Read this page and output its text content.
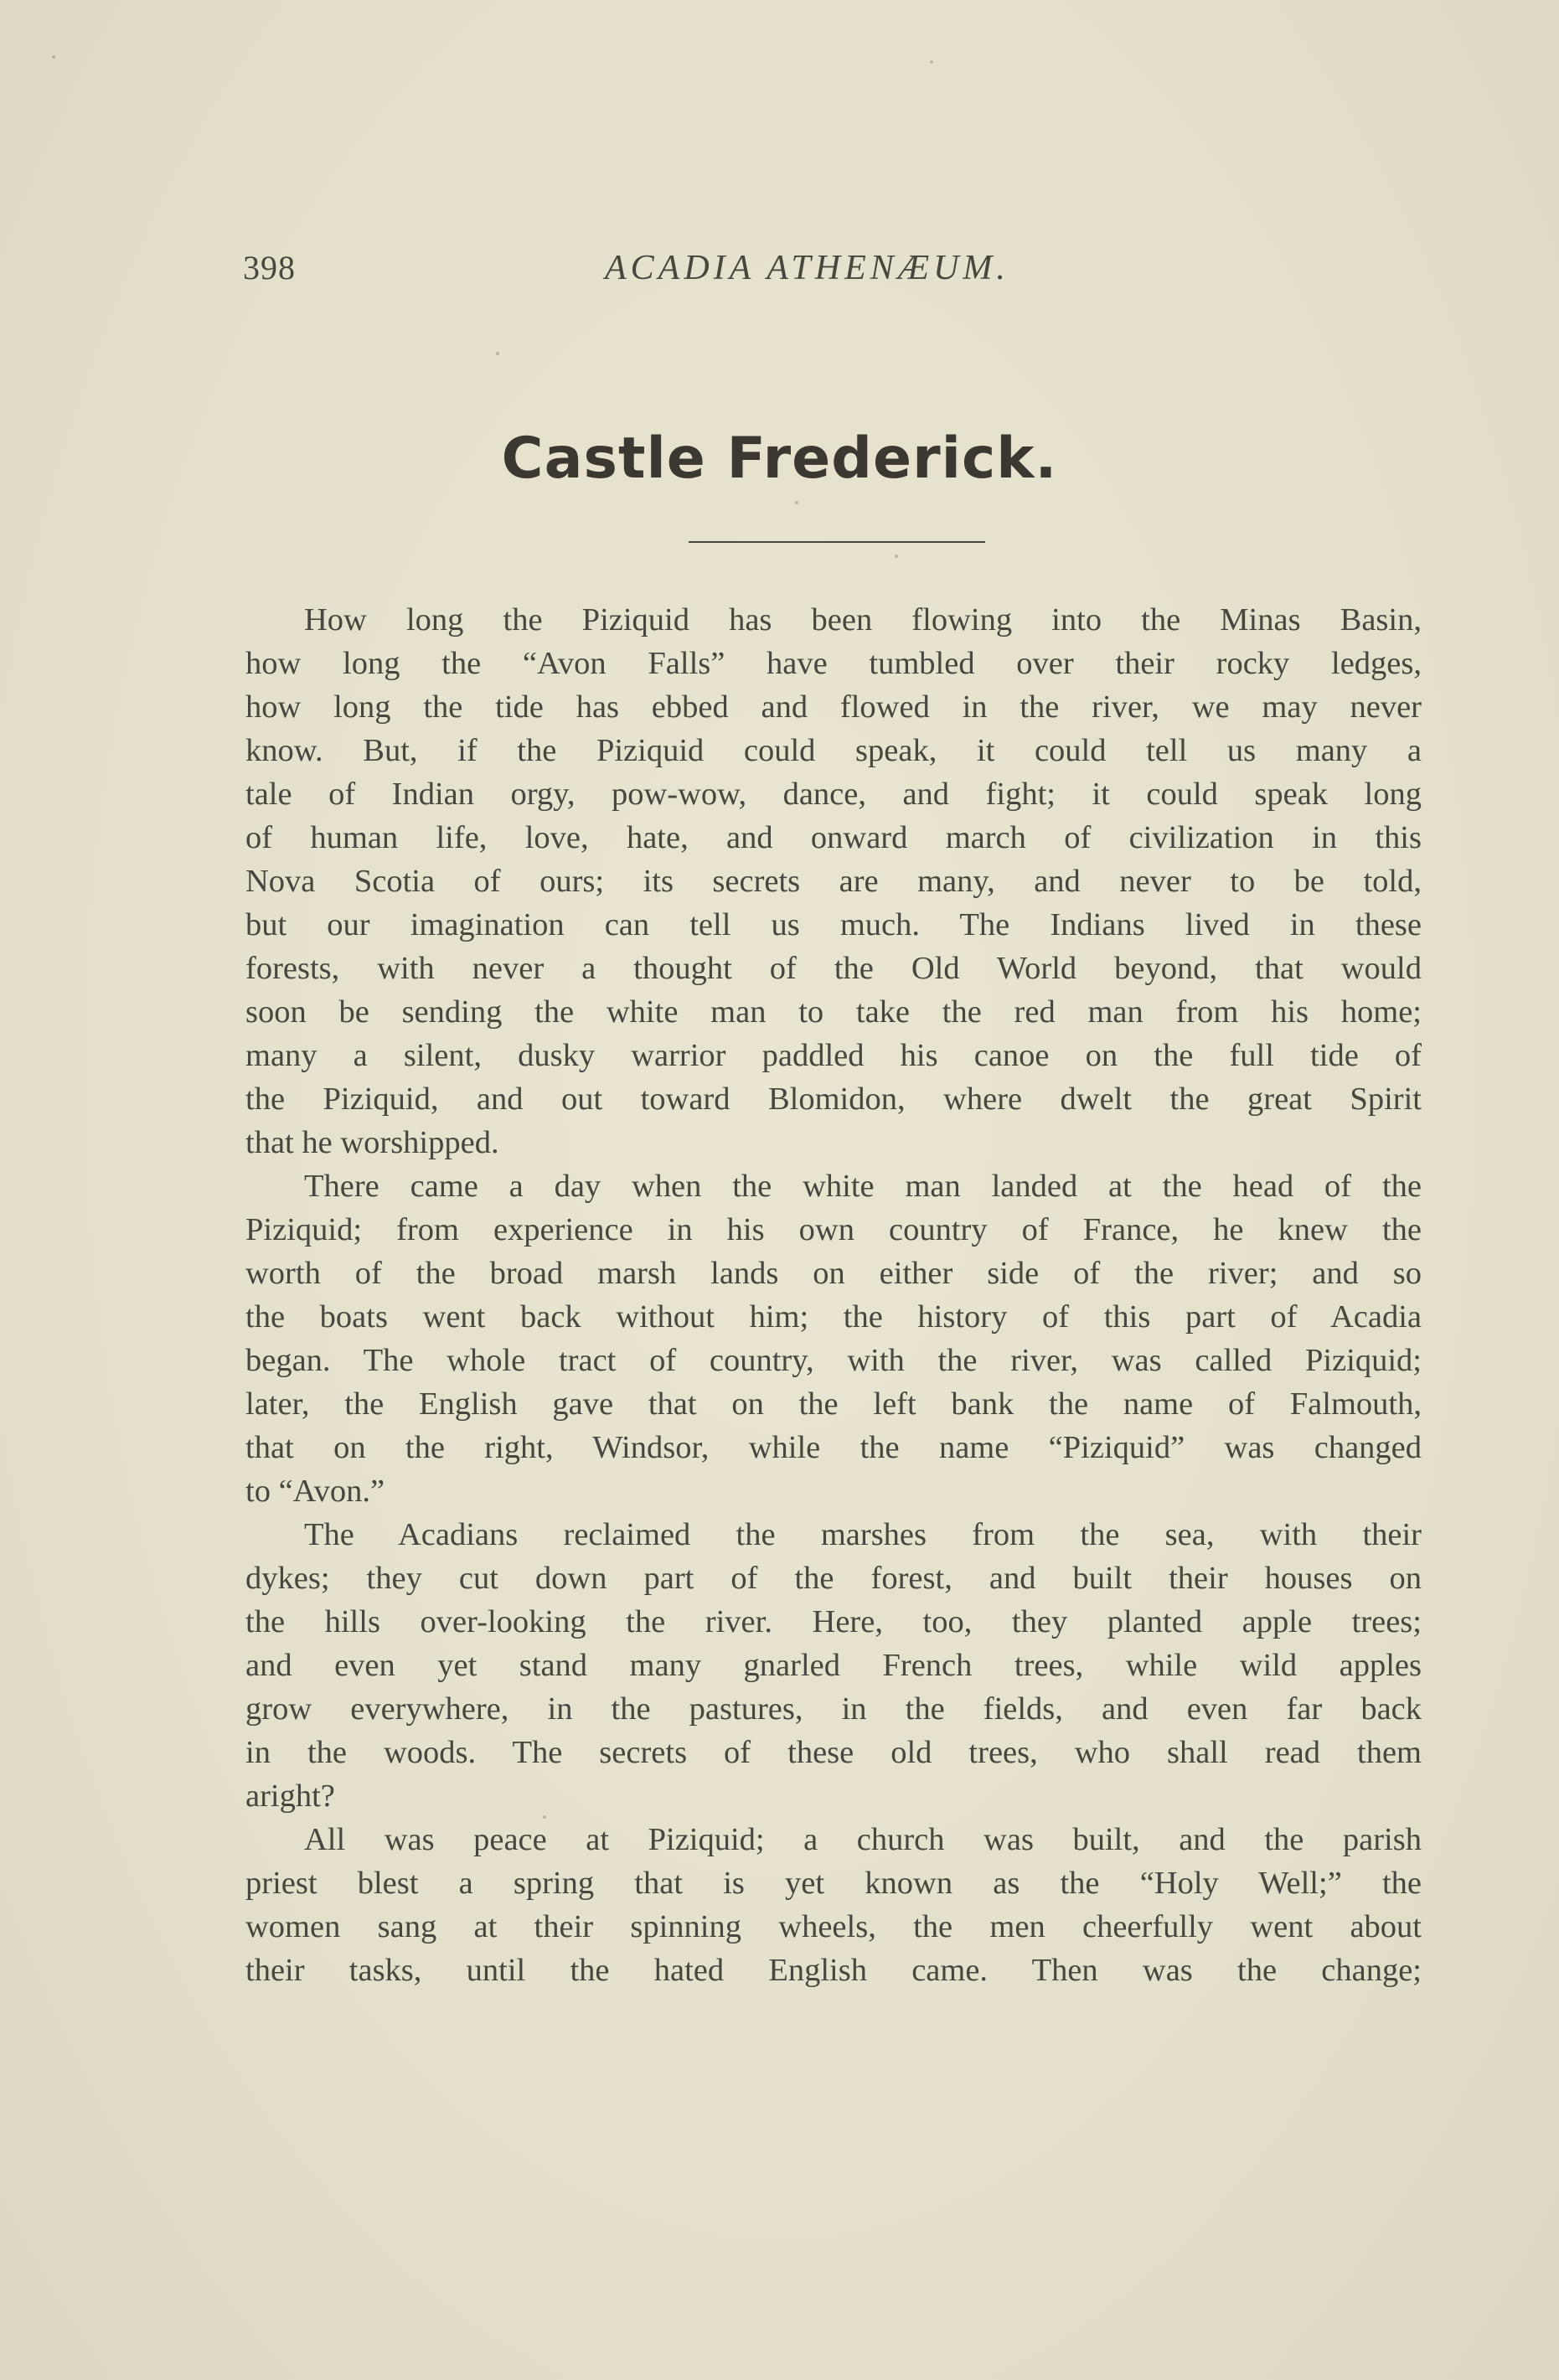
398	ACADIA ATHENÆUM.
Castle Frederick.

How long the Piziquid has been flowing into the Minas Basin,
how long the “Avon Falls” have tumbled over their rocky ledges,
how long the tide has ebbed and flowed in the river, we may never
know. But, if the Piziquid could speak, it could tell us many a
tale of Indian orgy, pow-wow, dance, and fight; it could speak long
of human life, love, hate, and onward march of civilization in this
Nova Scotia of ours; its secrets are many, and never to be told,
but our imagination can tell us much. The Indians lived in these
forests, with never a thought of the Old World beyond, that would
soon be sending the white man to take the red man from his home;
many a silent, dusky warrior paddled his canoe on the full tide of
the Piziquid, and out toward Blomidon, where dwelt the great Spirit
that he worshipped.

There came a day when the white man landed at the head of the
Piziquid; from experience in his own country of France, he knew the
worth of the broad marsh lands on either side of the river; and so
the boats went back without him; the history of this part of Acadia
began. The whole tract of country, with the river, was called Piziquid;
later, the English gave that on the left bank the name of Falmouth,
that on the right, Windsor, while the name “Piziquid” was changed
to “Avon.”

The Acadians reclaimed the marshes from the sea, with their
dykes; they cut down part of the forest, and built their houses on
the hills over-looking the river. Here, too, they planted apple trees;
and even yet stand many gnarled French trees, while wild apples
grow everywhere, in the pastures, in the fields, and even far back
in the woods. The secrets of these old trees, who shall read them
aright?

All was peace at Piziquid; a church was built, and the parish
priest blest a spring that is yet known as the “Holy Well;” the
women sang at their spinning wheels, the men cheerfully went about
their tasks, until the hated English came. Then was the change;
